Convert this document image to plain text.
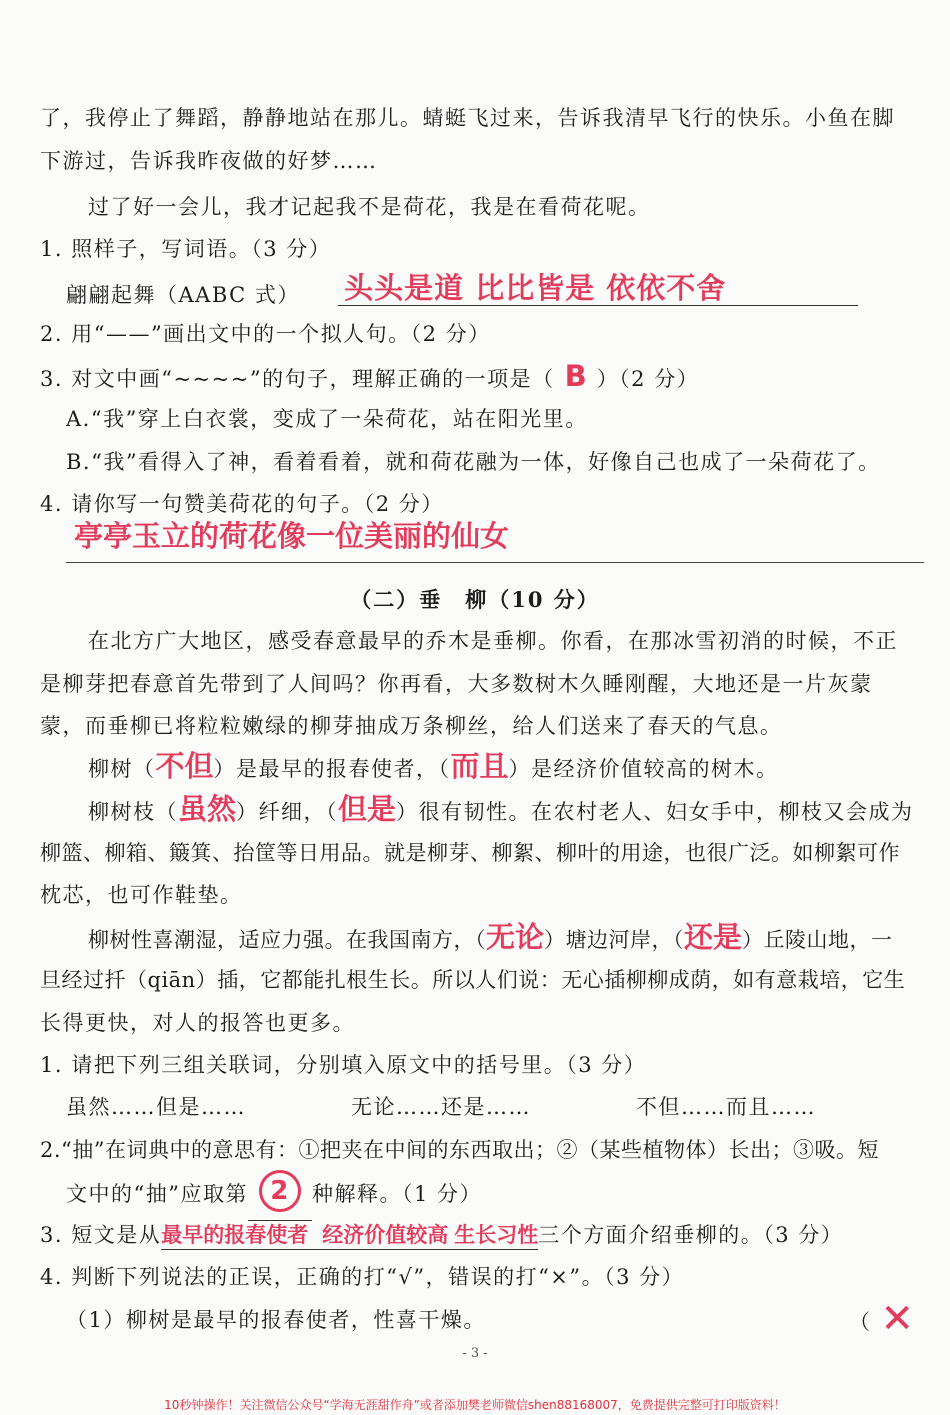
了，我停止了舞蹈，静静地站在那儿。蜻蜓飞过来，告诉我清早飞行的快乐。小鱼在脚
下游过，告诉我昨夜做的好梦……
过了好一会儿，我才记起我不是荷花，我是在看荷花呢。
1. 照样子，写词语。（3 分）
翩翩起舞（AABC 式） 头头是道 比比皆是 依依不舍
2. 用“——”画出文中的一个拟人句。（2 分）
3. 对文中画“~~~~”的句子，理解正确的一项是（ B ）（2 分）
A.“我”穿上白衣裳，变成了一朵荷花，站在阳光里。
B.“我”看得入了神，看着看着，就和荷花融为一体，好像自己也成了一朵荷花了。
4. 请你写一句赞美荷花的句子。（2 分）
亭亭玉立的荷花像一位美丽的仙女
（二）垂　柳（10 分）
在北方广大地区，感受春意最早的乔木是垂柳。你看，在那冰雪初消的时候，不正
是柳芽把春意首先带到了人间吗？你再看，大多数树木久睡刚醒，大地还是一片灰蒙
蒙，而垂柳已将粒粒嫩绿的柳芽抽成万条柳丝，给人们送来了春天的气息。
柳树（不但）是最早的报春使者，（而且）是经济价值较高的树木。
柳树枝（虽然）纤细，（但是）很有韧性。在农村老人、妇女手中，柳枝又会成为
柳篮、柳箱、簸箕、抬筐等日用品。就是柳芽、柳絮、柳叶的用途，也很广泛。如柳絮可作
枕芯，也可作鞋垫。
柳树性喜潮湿，适应力强。在我国南方，（无论）塘边河岸，（还是）丘陵山地，一
旦经过扦（qiān）插，它都能扎根生长。所以人们说：无心插柳柳成荫，如有意栽培，它生
长得更快，对人的报答也更多。
1. 请把下列三组关联词，分别填入原文中的括号里。（3 分）
虽然……但是……	无论……还是……	不但……而且……
2.“抽”在词典中的意思有：①把夹在中间的东西取出；②（某些植物体）长出；③吸。短
文中的“抽”应取第 2 种解释。（1 分）
3. 短文是从最早的报春使者 经济价值较高 生长习性三个方面介绍垂柳的。（3 分）
4. 判断下列说法的正误，正确的打“√”，错误的打“×”。（3 分）
（1）柳树是最早的报春使者，性喜干燥。	（ ✕
- 3 -
10秒钟操作！关注微信公众号“学海无涯甜作舟”或者添加樊老师微信shen88168007，免费提供完整可打印版资料！
